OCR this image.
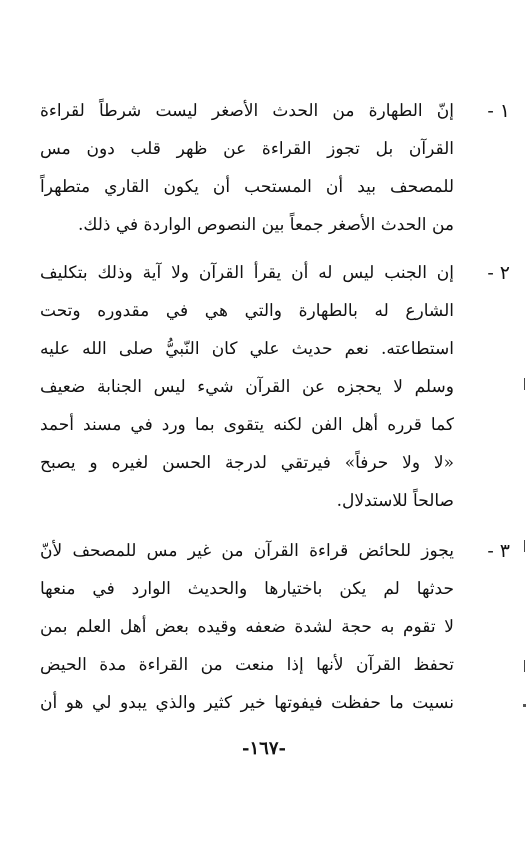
١ -
إنّ الطهارة من الحدث الأصغر ليست شرطاً لقراءة
القرآن بل تجوز القراءة عن ظهر قلب دون مس
للمصحف بيد أن المستحب أن يكون القاري متطهراً
من الحدث الأصغر جمعاً بين النصوص الواردة في ذلك.
٢ -
إن الجنب ليس له أن يقرأ القرآن ولا آية وذلك بتكليف
الشارع له بالطهارة والتي هي في مقدوره وتحت
استطاعته. نعم حديث علي كان النّبيُّ صلى الله عليه
وسلم لا يحجزه عن القرآن شيء ليس الجنابة ضعيف
كما قرره أهل الفن لكنه يتقوى بما ورد في مسند أحمد
«لا ولا حرفاً» فيرتقي لدرجة الحسن لغيره و يصبح
صالحاً للاستدلال.
٣ -
يجوز للحائض قراءة القرآن من غير مس للمصحف لأنّ
حدثها لم يكن باختيارها والحديث الوارد في منعها
لا تقوم به حجة لشدة ضعفه وقيده بعض أهل العلم بمن
تحفظ القرآن لأنها إذا منعت من القراءة مدة الحيض
نسيت ما حفظت فيفوتها خير كثير والذي يبدو لي هو أن
-١٦٧-
